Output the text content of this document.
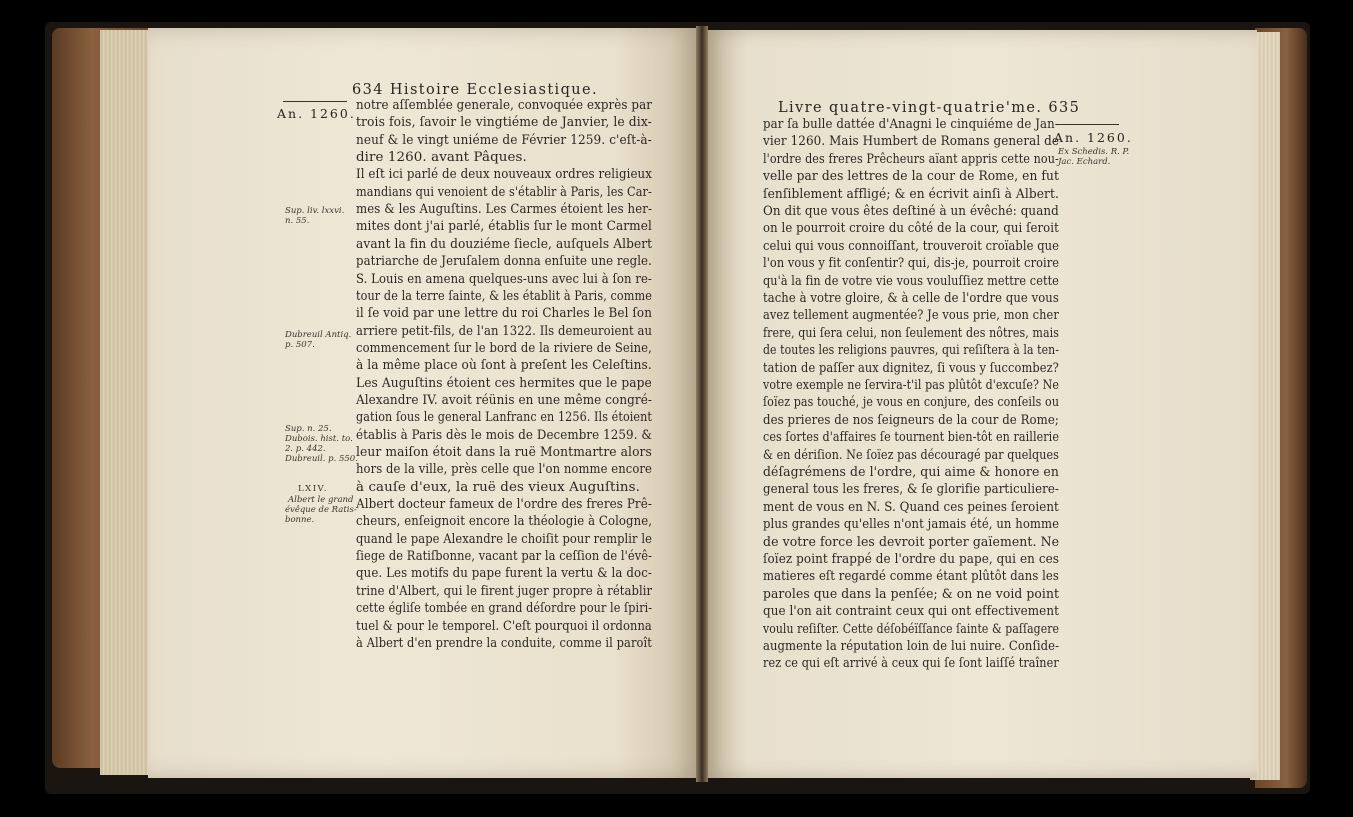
634 Histoire Ecclesiastique.
An. 1260.
Sup. liv. lxxvi.
n. 55.
Dubreuil Antiq.
p. 507.
Sup. n. 25.
Dubois. hist. to.
2. p. 442.
Dubreuil. p. 550.
LXIV.
Albert le grand
évêque de Ratis-
bonne.
notre aſſemblée generale, convoquée exprès par
trois fois, ſavoir le vingtiéme de Janvier, le dix-
neuf & le vingt uniéme de Février 1259. c'eſt-à-
dire 1260. avant Pâques.
Il eſt ici parlé de deux nouveaux ordres religieux
mandians qui venoient de s'établir à Paris, les Car-
mes & les Auguſtins. Les Carmes étoient les her-
mites dont j'ai parlé, établis ſur le mont Carmel
avant la fin du douziéme ſiecle, auſquels Albert
patriarche de Jeruſalem donna enſuite une regle.
S. Louis en amena quelques-uns avec lui à ſon re-
tour de la terre ſainte, & les établit à Paris, comme
il ſe void par une lettre du roi Charles le Bel ſon
arriere petit-fils, de l'an 1322. Ils demeuroient au
commencement ſur le bord de la riviere de Seine,
à la même place où ſont à preſent les Celeſtins.
Les Auguſtins étoient ces hermites que le pape
Alexandre IV. avoit réünis en une même congré-
gation ſous le general Lanfranc en 1256. Ils étoient
établis à Paris dès le mois de Decembre 1259. &
leur maiſon étoit dans la ruë Montmartre alors
hors de la ville, près celle que l'on nomme encore
à cauſe d'eux, la ruë des vieux Auguſtins.
Albert docteur fameux de l'ordre des freres Prê-
cheurs, enſeignoit encore la théologie à Cologne,
quand le pape Alexandre le choiſit pour remplir le
ſiege de Ratiſbonne, vacant par la ceſſion de l'évê-
que. Les motifs du pape furent la vertu & la doc-
trine d'Albert, qui le firent juger propre à rétablir
cette égliſe tombée en grand déſordre pour le ſpiri-
tuel & pour le temporel. C'eſt pourquoi il ordonna
à Albert d'en prendre la conduite, comme il paroît
Livre quatre-vingt-quatrie'me. 635
An. 1260.
Ex Schedis. R. P.
Jac. Echard.
par ſa bulle dattée d'Anagni le cinquiéme de Jan-
vier 1260. Mais Humbert de Romans general de
l'ordre des freres Prêcheurs aïant appris cette nou-
velle par des lettres de la cour de Rome, en fut
ſenſiblement affligé; & en écrivit ainſi à Albert.
On dit que vous êtes deſtiné à un évêché: quand
on le pourroit croire du côté de la cour, qui ſeroit
celui qui vous connoiſſant, trouveroit croïable que
l'on vous y fit conſentir? qui, dis-je, pourroit croire
qu'à la fin de votre vie vous vouluſſiez mettre cette
tache à votre gloire, & à celle de l'ordre que vous
avez tellement augmentée? Je vous prie, mon cher
frere, qui ſera celui, non ſeulement des nôtres, mais
de toutes les religions pauvres, qui reſiſtera à la ten-
tation de paſſer aux dignitez, ſi vous y ſuccombez?
votre exemple ne ſervira-t'il pas plûtôt d'excuſe? Ne
ſoïez pas touché, je vous en conjure, des conſeils ou
des prieres de nos ſeigneurs de la cour de Rome;
ces ſortes d'affaires ſe tournent bien-tôt en raillerie
& en dériſion. Ne ſoïez pas découragé par quelques
déſagrémens de l'ordre, qui aime & honore en
general tous les freres, & ſe glorifie particuliere-
ment de vous en N. S. Quand ces peines ſeroient
plus grandes qu'elles n'ont jamais été, un homme
de votre force les devroit porter gaïement. Ne
ſoïez point frappé de l'ordre du pape, qui en ces
matieres eſt regardé comme étant plûtôt dans les
paroles que dans la penſée; & on ne void point
que l'on ait contraint ceux qui ont effectivement
voulu reſiſter. Cette déſobéïſſance ſainte & paſſagere
augmente la réputation loin de lui nuire. Conſide-
rez ce qui eſt arrivé à ceux qui ſe ſont laiſſé traîner
